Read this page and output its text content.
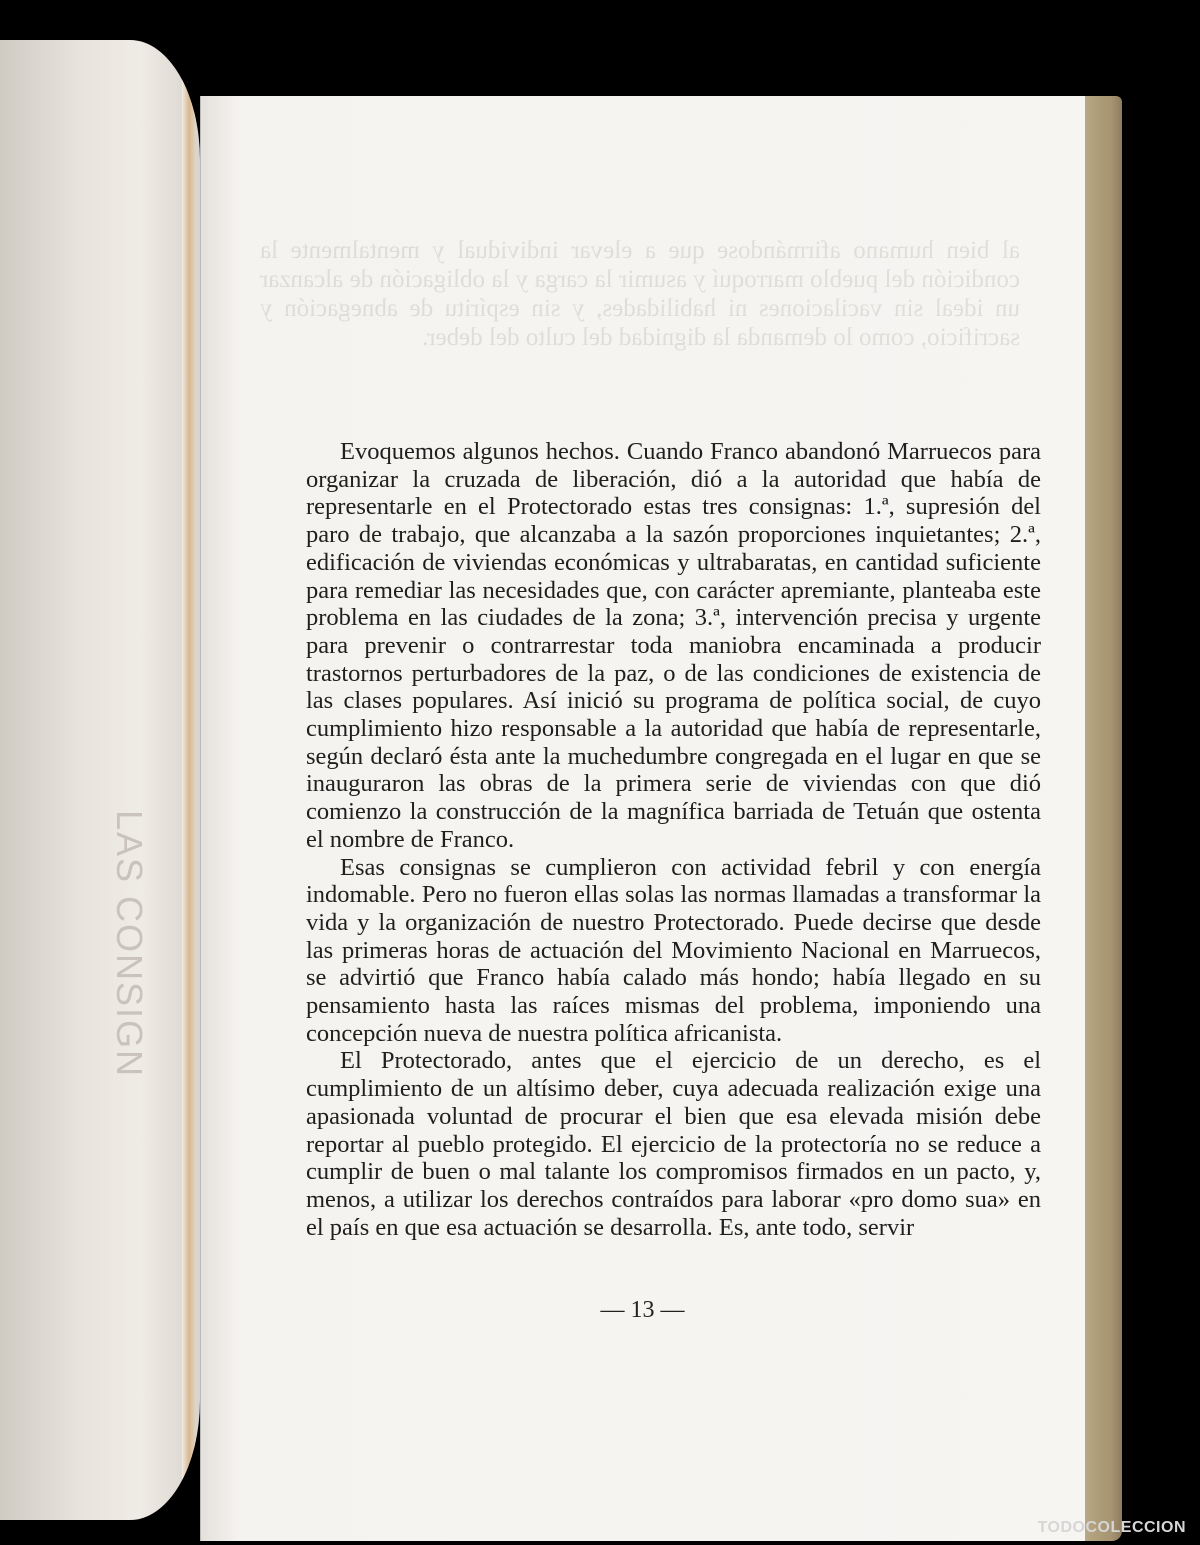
LAS CONSIGN
al bien humano afirmándose que a elevar individual y mentalmente la condición del pueblo marroquí y asumir la carga y la obligación de alcanzar un ideal sin vacilaciones ni habilidades, y sin espíritu de abnegación y sacrificio, como lo demanda la dignidad del culto del deber.

Evoquemos algunos hechos. Cuando Franco abandonó Marruecos para organizar la cruzada de liberación, dió a la autoridad que había de representarle en el Protectorado estas tres consignas: 1.ª, supresión del paro de trabajo, que alcanzaba a la sazón proporciones inquietantes; 2.ª, edificación de viviendas económicas y ultrabaratas, en cantidad suficiente para remediar las necesidades que, con carácter apremiante, planteaba este problema en las ciudades de la zona; 3.ª, intervención precisa y urgente para prevenir o contrarrestar toda maniobra encaminada a producir trastornos perturbadores de la paz, o de las condiciones de existencia de las clases populares. Así inició su programa de política social, de cuyo cumplimiento hizo responsable a la autoridad que había de representarle, según declaró ésta ante la muchedumbre congregada en el lugar en que se inauguraron las obras de la primera serie de viviendas con que dió comienzo la construcción de la magnífica barriada de Tetuán que ostenta el nombre de Franco.

Esas consignas se cumplieron con actividad febril y con energía indomable. Pero no fueron ellas solas las normas llamadas a transformar la vida y la organización de nuestro Protectorado. Puede decirse que desde las primeras horas de actuación del Movimiento Nacional en Marruecos, se advirtió que Franco había calado más hondo; había llegado en su pensamiento hasta las raíces mismas del problema, imponiendo una concepción nueva de nuestra política africanista.

El Protectorado, antes que el ejercicio de un derecho, es el cumplimiento de un altísimo deber, cuya adecuada realización exige una apasionada voluntad de procurar el bien que esa elevada misión debe reportar al pueblo protegido. El ejercicio de la protectoría no se reduce a cumplir de buen o mal talante los compromisos firmados en un pacto, y, menos, a utilizar los derechos contraídos para laborar «pro domo sua» en el país en que esa actuación se desarrolla. Es, ante todo, servir

— 13 —
TODOCOLECCION
